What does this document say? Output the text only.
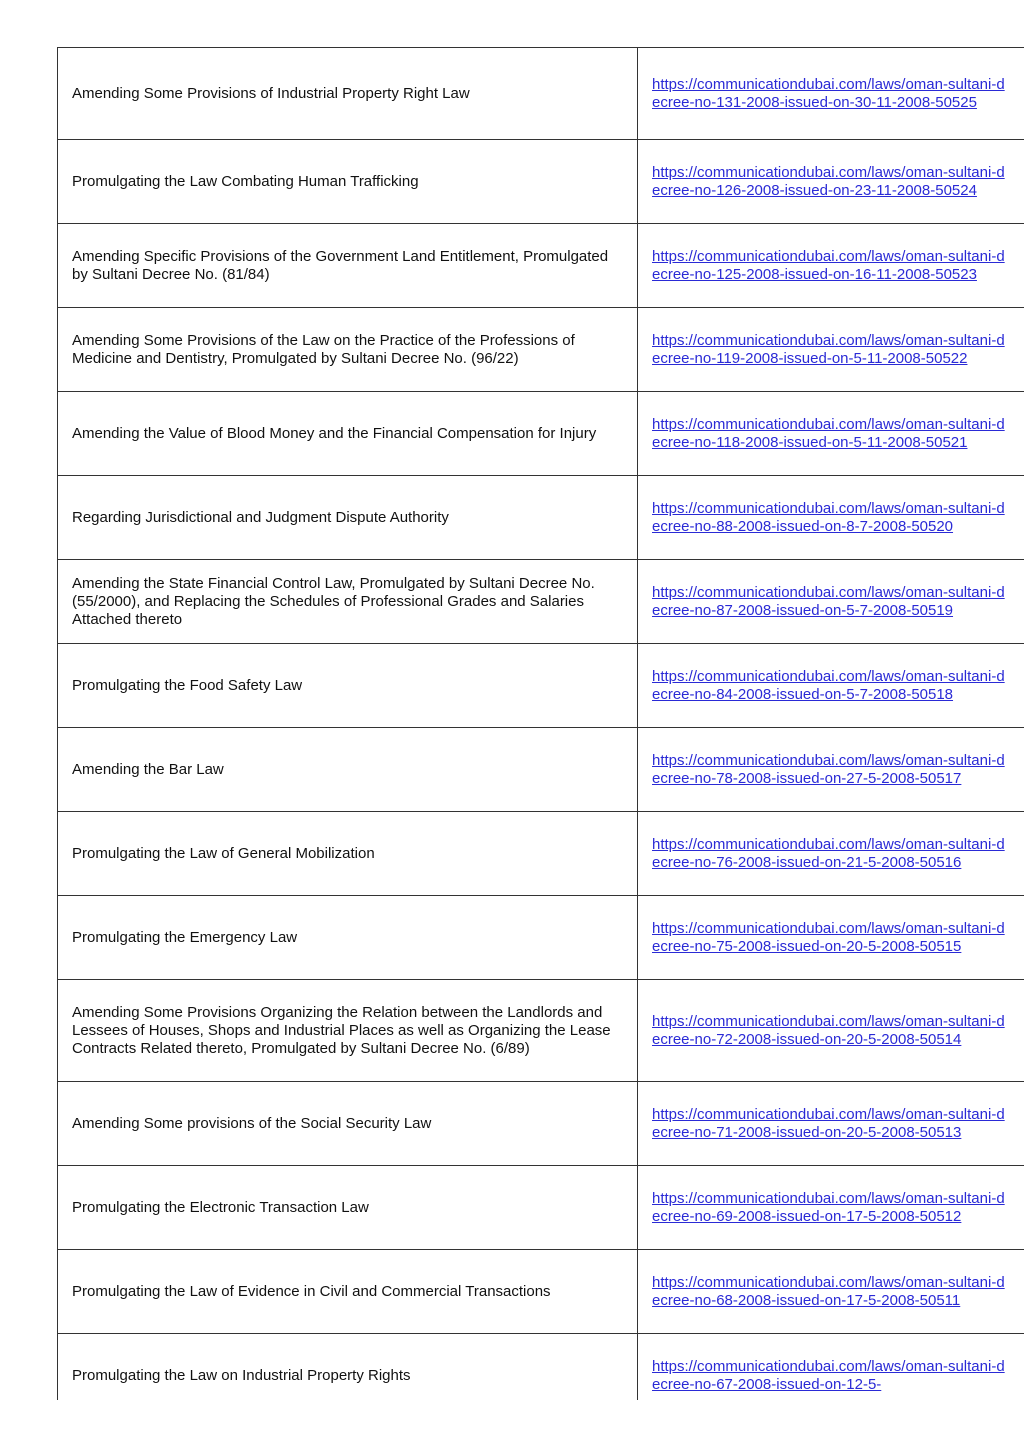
Amending Some Provisions of Industrial Property Right Law	https://communicationdubai.com/laws/oman-sultani-decree-no-131-2008-issued-on-30-11-2008-50525

Promulgating the Law Combating Human Trafficking	https://communicationdubai.com/laws/oman-sultani-decree-no-126-2008-issued-on-23-11-2008-50524

Amending Specific Provisions of the Government Land Entitlement, Promulgated by Sultani Decree No. (81/84)	https://communicationdubai.com/laws/oman-sultani-decree-no-125-2008-issued-on-16-11-2008-50523

Amending Some Provisions of the Law on the Practice of the Professions of Medicine and Dentistry, Promulgated by Sultani Decree No. (96/22)	https://communicationdubai.com/laws/oman-sultani-decree-no-119-2008-issued-on-5-11-2008-50522

Amending the Value of Blood Money and the Financial Compensation for Injury	https://communicationdubai.com/laws/oman-sultani-decree-no-118-2008-issued-on-5-11-2008-50521

Regarding Jurisdictional and Judgment Dispute Authority	https://communicationdubai.com/laws/oman-sultani-decree-no-88-2008-issued-on-8-7-2008-50520

Amending the State Financial Control Law, Promulgated by Sultani Decree No. (55/2000), and Replacing the Schedules of Professional Grades and Salaries Attached thereto	https://communicationdubai.com/laws/oman-sultani-decree-no-87-2008-issued-on-5-7-2008-50519

Promulgating the Food Safety Law	https://communicationdubai.com/laws/oman-sultani-decree-no-84-2008-issued-on-5-7-2008-50518

Amending the Bar Law	https://communicationdubai.com/laws/oman-sultani-decree-no-78-2008-issued-on-27-5-2008-50517

Promulgating the Law of General Mobilization	https://communicationdubai.com/laws/oman-sultani-decree-no-76-2008-issued-on-21-5-2008-50516

Promulgating the Emergency Law	https://communicationdubai.com/laws/oman-sultani-decree-no-75-2008-issued-on-20-5-2008-50515

Amending Some Provisions Organizing the Relation between the Landlords and Lessees of Houses, Shops and Industrial Places as well as Organizing the Lease Contracts Related thereto, Promulgated by Sultani Decree No. (6/89)	https://communicationdubai.com/laws/oman-sultani-decree-no-72-2008-issued-on-20-5-2008-50514

Amending Some provisions of the Social Security Law	https://communicationdubai.com/laws/oman-sultani-decree-no-71-2008-issued-on-20-5-2008-50513

Promulgating the Electronic Transaction Law	https://communicationdubai.com/laws/oman-sultani-decree-no-69-2008-issued-on-17-5-2008-50512

Promulgating the Law of Evidence in Civil and Commercial Transactions	https://communicationdubai.com/laws/oman-sultani-decree-no-68-2008-issued-on-17-5-2008-50511

Promulgating the Law on Industrial Property Rights	https://communicationdubai.com/laws/oman-sultani-decree-no-67-2008-issued-on-12-5-
